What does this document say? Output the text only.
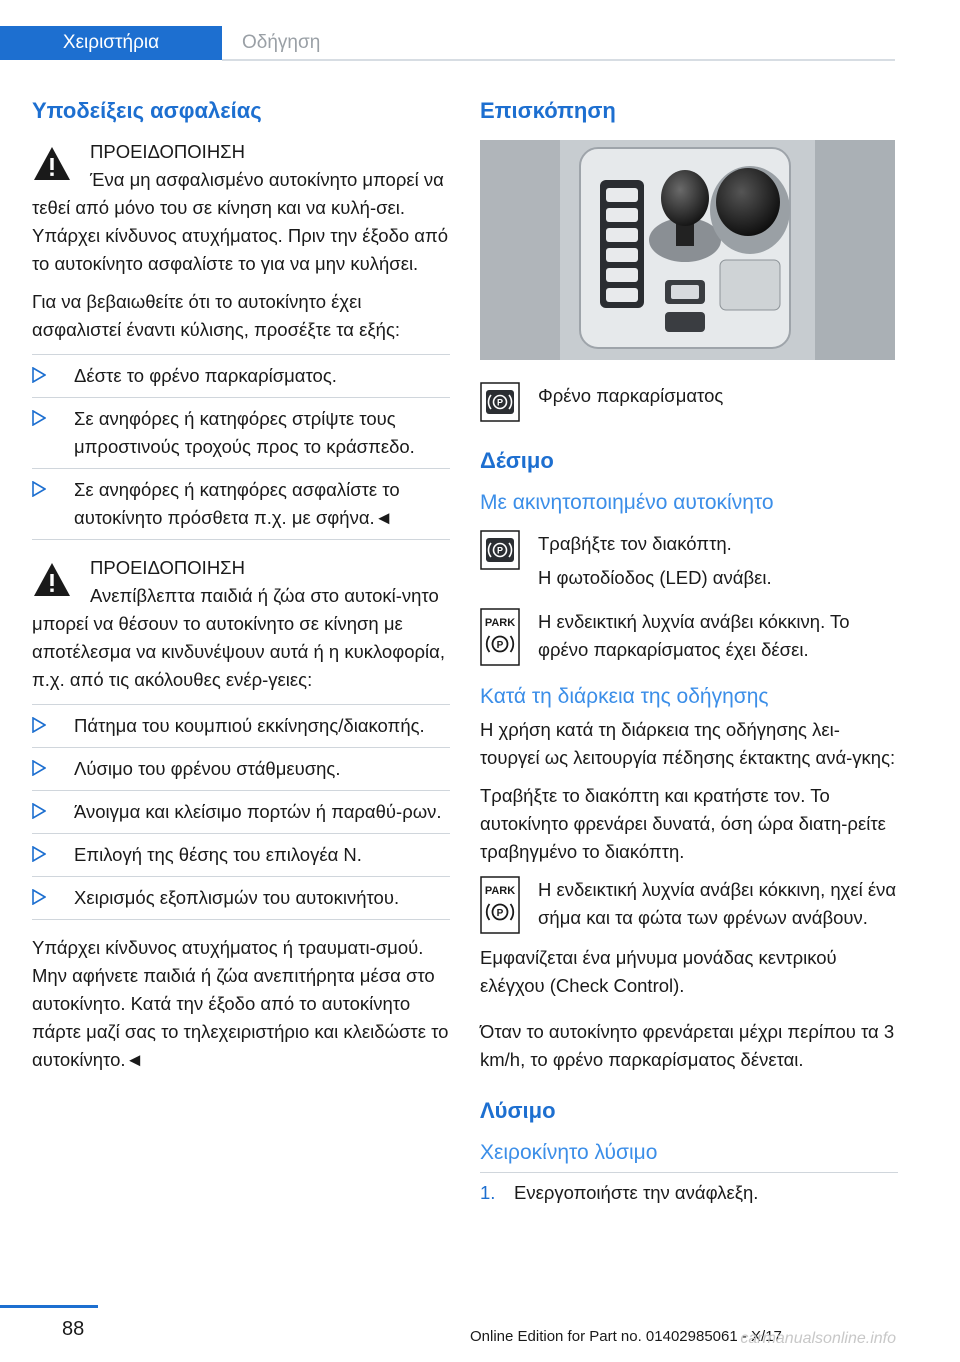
Χειριστήρια	Οδήγηση
Υποδείξεις ασφαλείας
ΠΡΟΕΙΔΟΠΟΙΗΣΗ
Ένα μη ασφαλισμένο αυτοκίνητο μπορεί να τεθεί από μόνο του σε κίνηση και να κυλή-σει. Υπάρχει κίνδυνος ατυχήματος. Πριν την έξοδο από το αυτοκίνητο ασφαλίστε το για να μην κυλήσει.

Για να βεβαιωθείτε ότι το αυτοκίνητο έχει ασφαλιστεί έναντι κύλισης, προσέξτε τα εξής:

Δέστε το φρένο παρκαρίσματος.
Σε ανηφόρες ή κατηφόρες στρίψτε τους μπροστινούς τροχούς προς το κράσπεδο.
Σε ανηφόρες ή κατηφόρες ασφαλίστε το αυτοκίνητο πρόσθετα π.χ. με σφήνα.◄
ΠΡΟΕΙΔΟΠΟΙΗΣΗ
Ανεπίβλεπτα παιδιά ή ζώα στο αυτοκί-νητο μπορεί να θέσουν το αυτοκίνητο σε κίνηση με αποτέλεσμα να κινδυνέψουν αυτά ή η κυκλοφορία, π.χ. από τις ακόλουθες ενέρ-γειες:
Πάτημα του κουμπιού εκκίνησης/διακοπής.
Λύσιμο του φρένου στάθμευσης.
Άνοιγμα και κλείσιμο πορτών ή παραθύ-ρων.
Επιλογή της θέσης του επιλογέα N.
Χειρισμός εξοπλισμών του αυτοκινήτου.

Υπάρχει κίνδυνος ατυχήματος ή τραυματι-σμού. Μην αφήνετε παιδιά ή ζώα ανεπιτήρητα μέσα στο αυτοκίνητο. Κατά την έξοδο από το αυτοκίνητο πάρτε μαζί σας το τηλεχειριστήριο και κλειδώστε το αυτοκίνητο.◄

Επισκόπηση
P Φρένο παρκαρίσματος
Δέσιμο
Με ακινητοποιημένο αυτοκίνητο
P Τραβήξτε τον διακόπτη.
Η φωτοδίοδος (LED) ανάβει.
PARK
P
Η ενδεικτική λυχνία ανάβει κόκκινη. Το φρένο παρκαρίσματος έχει δέσει.
Κατά τη διάρκεια της οδήγησης

Η χρήση κατά τη διάρκεια της οδήγησης λει-τουργεί ως λειτουργία πέδησης έκτακτης ανά-γκης:

Τραβήξτε το διακόπτη και κρατήστε τον. Το αυτοκίνητο φρενάρει δυνατά, όση ώρα διατη-ρείτε τραβηγμένο το διακόπτη.

PARK
P
Η ενδεικτική λυχνία ανάβει κόκκινη, ηχεί ένα σήμα και τα φώτα των φρένων ανάβουν.

Εμφανίζεται ένα μήνυμα μονάδας κεντρικού ελέγχου (Check Control).

Όταν το αυτοκίνητο φρενάρεται μέχρι περίπου τα 3 km/h, το φρένο παρκαρίσματος δένεται.

Λύσιμο
Χειροκίνητο λύσιμο
1. Ενεργοποιήστε την ανάφλεξη.
88	Online Edition for Part no. 01402985061 - X/17
carmanualsonline.info
